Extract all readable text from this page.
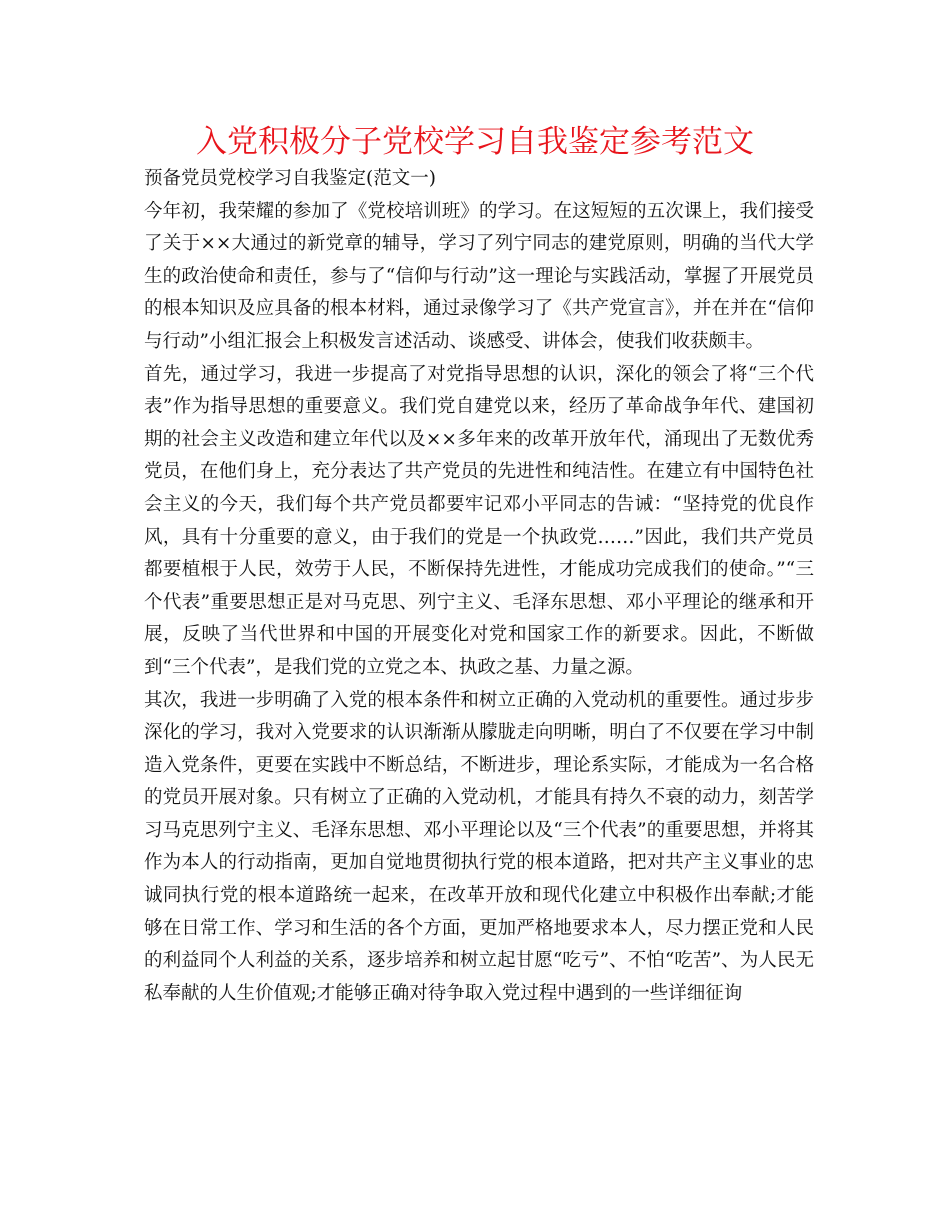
入党积极分子党校学习自我鉴定参考范文

预备党员党校学习自我鉴定(范文一)

今年初，我荣耀的参加了《党校培训班》的学习。在这短短的五次课上，我们接受了关于××大通过的新党章的辅导，学习了列宁同志的建党原则，明确的当代大学生的政治使命和责任，参与了“信仰与行动”这一理论与实践活动，掌握了开展党员的根本知识及应具备的根本材料，通过录像学习了《共产党宣言》，并在并在“信仰与行动”小组汇报会上积极发言述活动、谈感受、讲体会，使我们收获颇丰。

首先，通过学习，我进一步提高了对党指导思想的认识，深化的领会了将“三个代表”作为指导思想的重要意义。我们党自建党以来，经历了革命战争年代、建国初期的社会主义改造和建立年代以及××多年来的改革开放年代，涌现出了无数优秀党员，在他们身上，充分表达了共产党员的先进性和纯洁性。在建立有中国特色社会主义的今天，我们每个共产党员都要牢记邓小平同志的告诫：“坚持党的优良作风，具有十分重要的意义，由于我们的党是一个执政党……”因此，我们共产党员都要植根于人民，效劳于人民，不断保持先进性，才能成功完成我们的使命。”“三个代表”重要思想正是对马克思、列宁主义、毛泽东思想、邓小平理论的继承和开展，反映了当代世界和中国的开展变化对党和国家工作的新要求。因此，不断做到“三个代表”，是我们党的立党之本、执政之基、力量之源。

其次，我进一步明确了入党的根本条件和树立正确的入党动机的重要性。通过步步深化的学习，我对入党要求的认识渐渐从朦胧走向明晰，明白了不仅要在学习中制造入党条件，更要在实践中不断总结，不断进步，理论系实际，才能成为一名合格的党员开展对象。只有树立了正确的入党动机，才能具有持久不衰的动力，刻苦学习马克思列宁主义、毛泽东思想、邓小平理论以及“三个代表”的重要思想，并将其作为本人的行动指南，更加自觉地贯彻执行党的根本道路，把对共产主义事业的忠诚同执行党的根本道路统一起来，在改革开放和现代化建立中积极作出奉献;才能够在日常工作、学习和生活的各个方面，更加严格地要求本人，尽力摆正党和人民的利益同个人利益的关系，逐步培养和树立起甘愿“吃亏”、不怕“吃苦”、为人民无私奉献的人生价值观;才能够正确对待争取入党过程中遇到的一些详细征询
